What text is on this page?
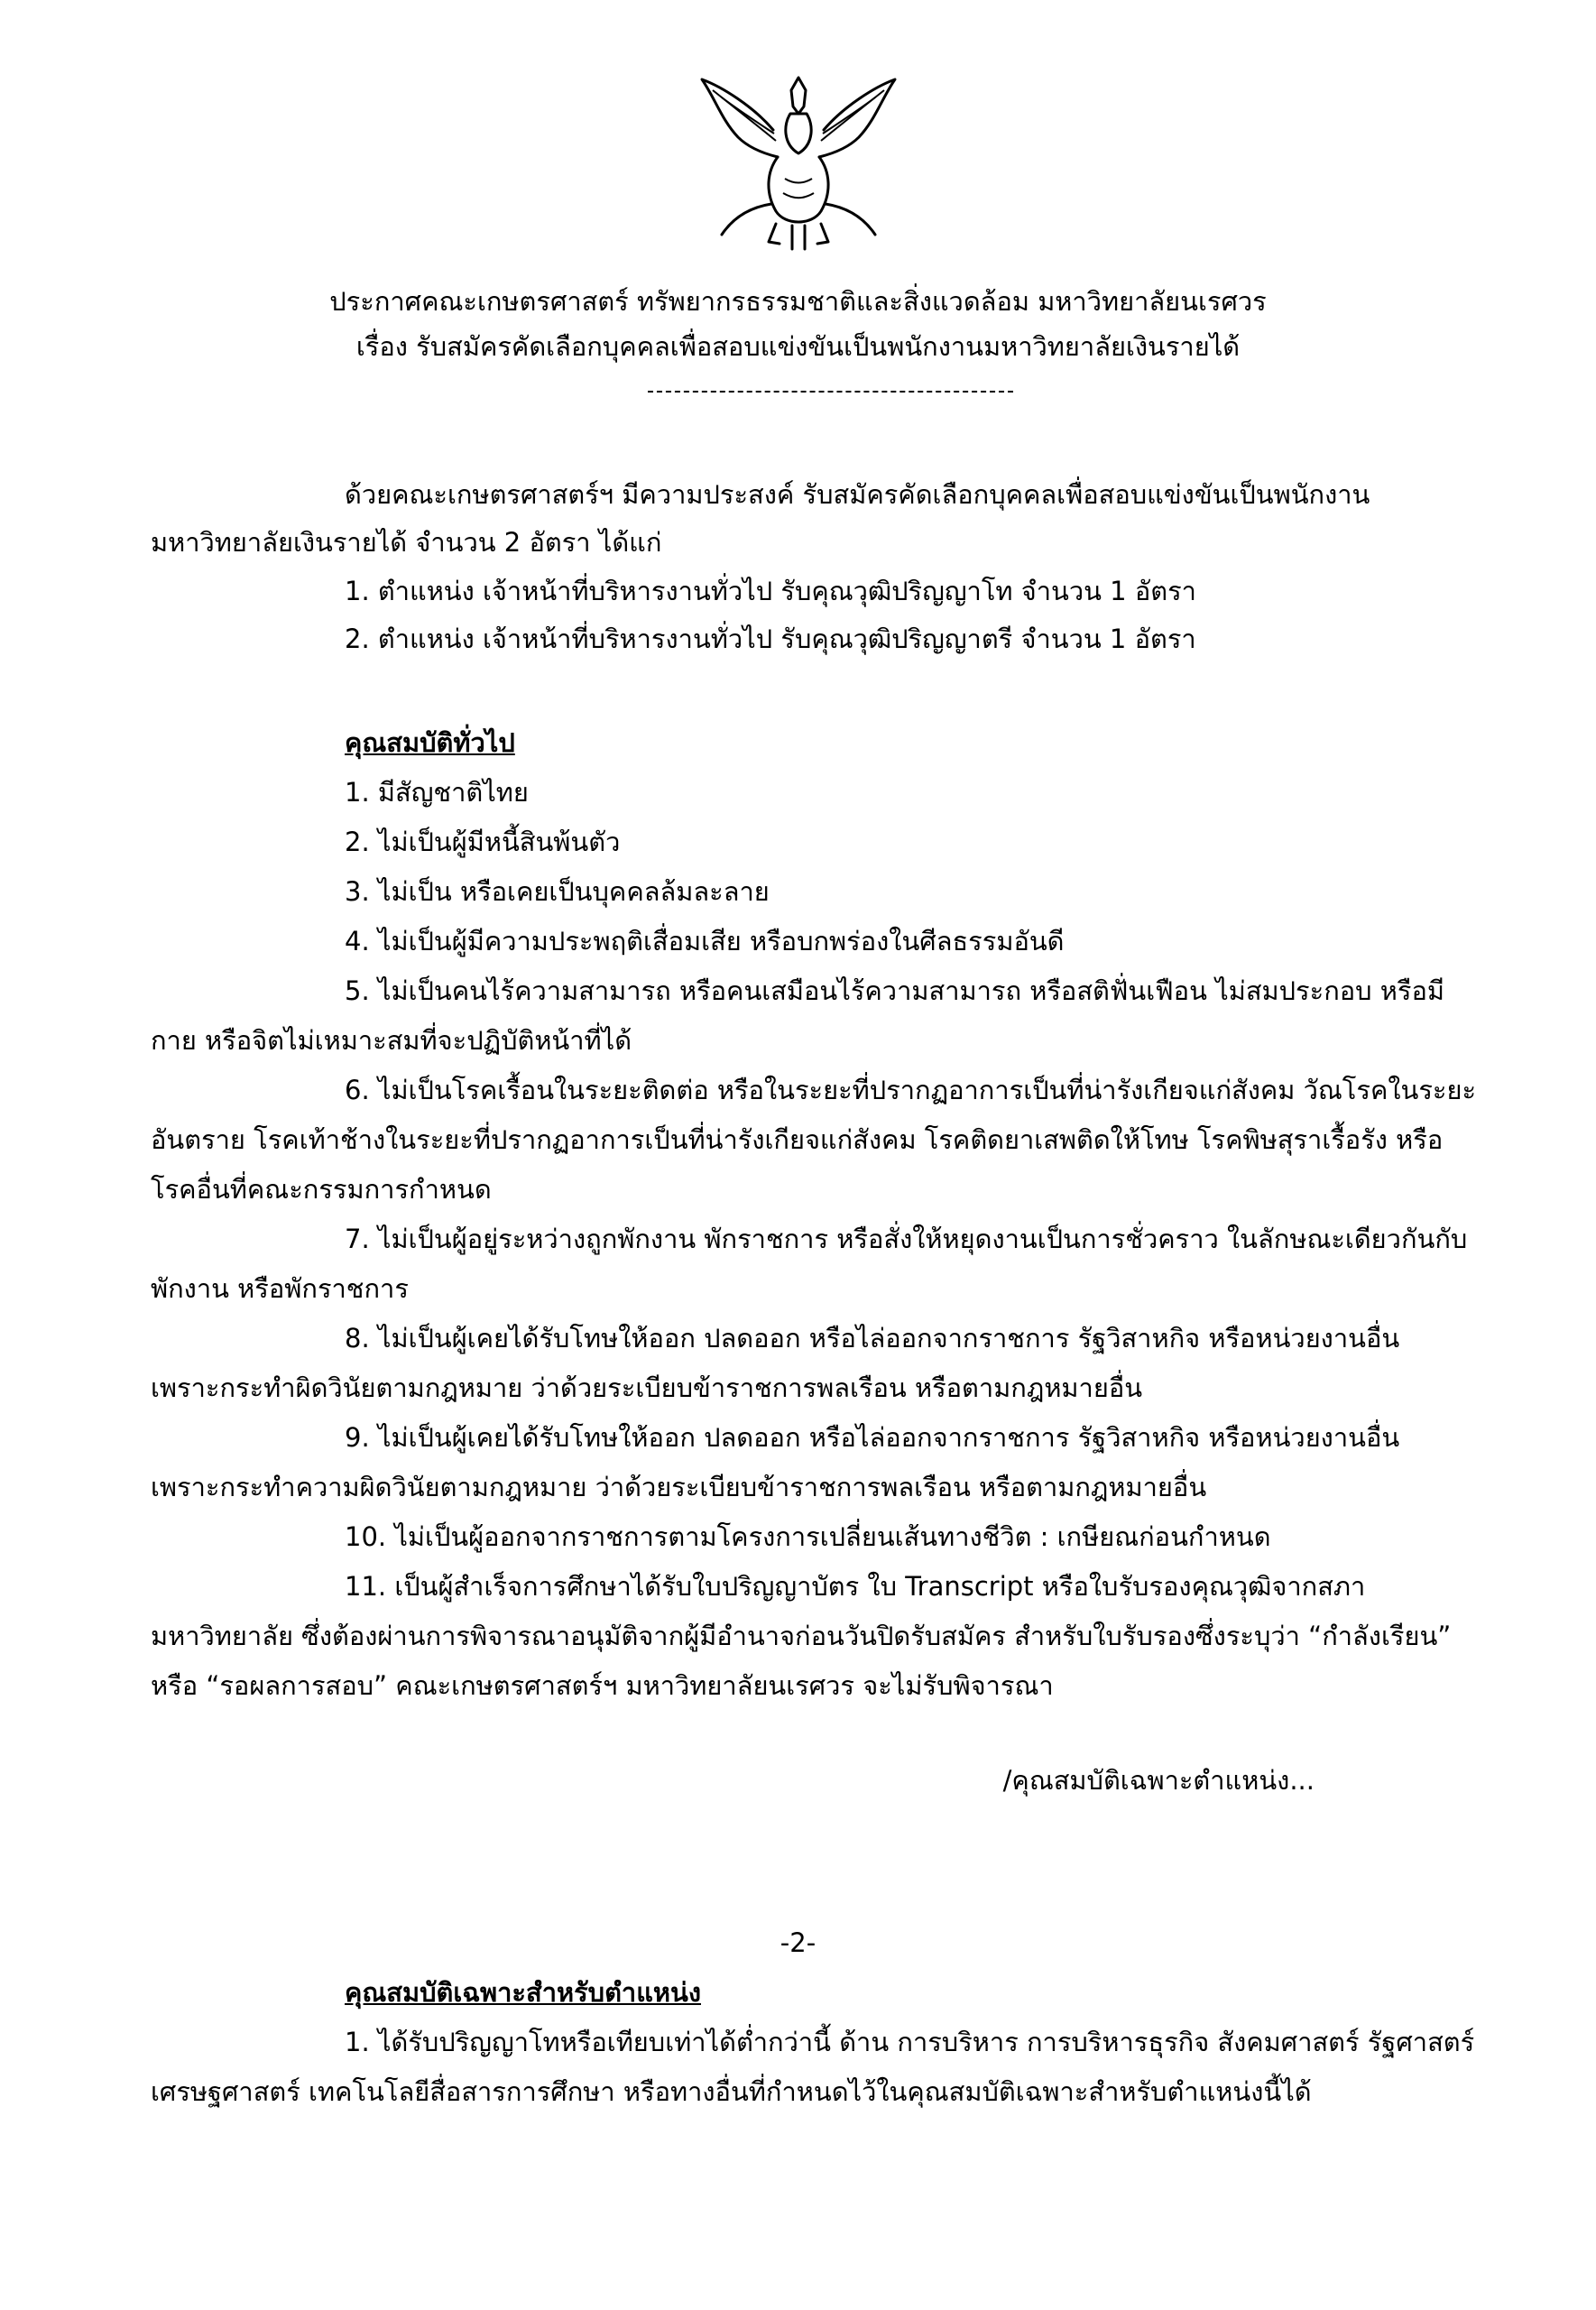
ประกาศคณะเกษตรศาสตร์ ทรัพยากรธรรมชาติและสิ่งแวดล้อม มหาวิทยาลัยนเรศวร
เรื่อง รับสมัครคัดเลือกบุคคลเพื่อสอบแข่งขันเป็นพนักงานมหาวิทยาลัยเงินรายได้
ด้วยคณะเกษตรศาสตร์ฯ มีความประสงค์ รับสมัครคัดเลือกบุคคลเพื่อสอบแข่งขันเป็นพนักงาน
มหาวิทยาลัยเงินรายได้ จำนวน 2 อัตรา ได้แก่
1. ตำแหน่ง เจ้าหน้าที่บริหารงานทั่วไป รับคุณวุฒิปริญญาโท จำนวน 1 อัตรา
2. ตำแหน่ง เจ้าหน้าที่บริหารงานทั่วไป รับคุณวุฒิปริญญาตรี จำนวน 1 อัตรา
คุณสมบัติทั่วไป
1. มีสัญชาติไทย
2. ไม่เป็นผู้มีหนี้สินพ้นตัว
3. ไม่เป็น หรือเคยเป็นบุคคลล้มละลาย
4. ไม่เป็นผู้มีความประพฤติเสื่อมเสีย หรือบกพร่องในศีลธรรมอันดี
5. ไม่เป็นคนไร้ความสามารถ หรือคนเสมือนไร้ความสามารถ หรือสติฟั่นเฟือน ไม่สมประกอบ หรือมี
กาย หรือจิตไม่เหมาะสมที่จะปฏิบัติหน้าที่ได้
6. ไม่เป็นโรคเรื้อนในระยะติดต่อ หรือในระยะที่ปรากฏอาการเป็นที่น่ารังเกียจแก่สังคม วัณโรคในระยะ
อันตราย โรคเท้าช้างในระยะที่ปรากฏอาการเป็นที่น่ารังเกียจแก่สังคม โรคติดยาเสพติดให้โทษ โรคพิษสุราเรื้อรัง หรือ
โรคอื่นที่คณะกรรมการกำหนด
7. ไม่เป็นผู้อยู่ระหว่างถูกพักงาน พักราชการ หรือสั่งให้หยุดงานเป็นการชั่วคราว ในลักษณะเดียวกันกับ
พักงาน หรือพักราชการ
8. ไม่เป็นผู้เคยได้รับโทษให้ออก ปลดออก หรือไล่ออกจากราชการ รัฐวิสาหกิจ หรือหน่วยงานอื่น
เพราะกระทำผิดวินัยตามกฎหมาย ว่าด้วยระเบียบข้าราชการพลเรือน หรือตามกฎหมายอื่น
9. ไม่เป็นผู้เคยได้รับโทษให้ออก ปลดออก หรือไล่ออกจากราชการ รัฐวิสาหกิจ หรือหน่วยงานอื่น
เพราะกระทำความผิดวินัยตามกฎหมาย ว่าด้วยระเบียบข้าราชการพลเรือน หรือตามกฎหมายอื่น
10. ไม่เป็นผู้ออกจากราชการตามโครงการเปลี่ยนเส้นทางชีวิต : เกษียณก่อนกำหนด
11. เป็นผู้สำเร็จการศึกษาได้รับใบปริญญาบัตร ใบ Transcript หรือใบรับรองคุณวุฒิจากสภา
มหาวิทยาลัย ซึ่งต้องผ่านการพิจารณาอนุมัติจากผู้มีอำนาจก่อนวันปิดรับสมัคร สำหรับใบรับรองซึ่งระบุว่า “กำลังเรียน”
หรือ “รอผลการสอบ” คณะเกษตรศาสตร์ฯ มหาวิทยาลัยนเรศวร จะไม่รับพิจารณา
/คุณสมบัติเฉพาะตำแหน่ง...
-2-
คุณสมบัติเฉพาะสำหรับตำแหน่ง
1. ได้รับปริญญาโทหรือเทียบเท่าได้ต่ำกว่านี้ ด้าน การบริหาร การบริหารธุรกิจ สังคมศาสตร์ รัฐศาสตร์
เศรษฐศาสตร์ เทคโนโลยีสื่อสารการศึกษา หรือทางอื่นที่กำหนดไว้ในคุณสมบัติเฉพาะสำหรับตำแหน่งนี้ได้
